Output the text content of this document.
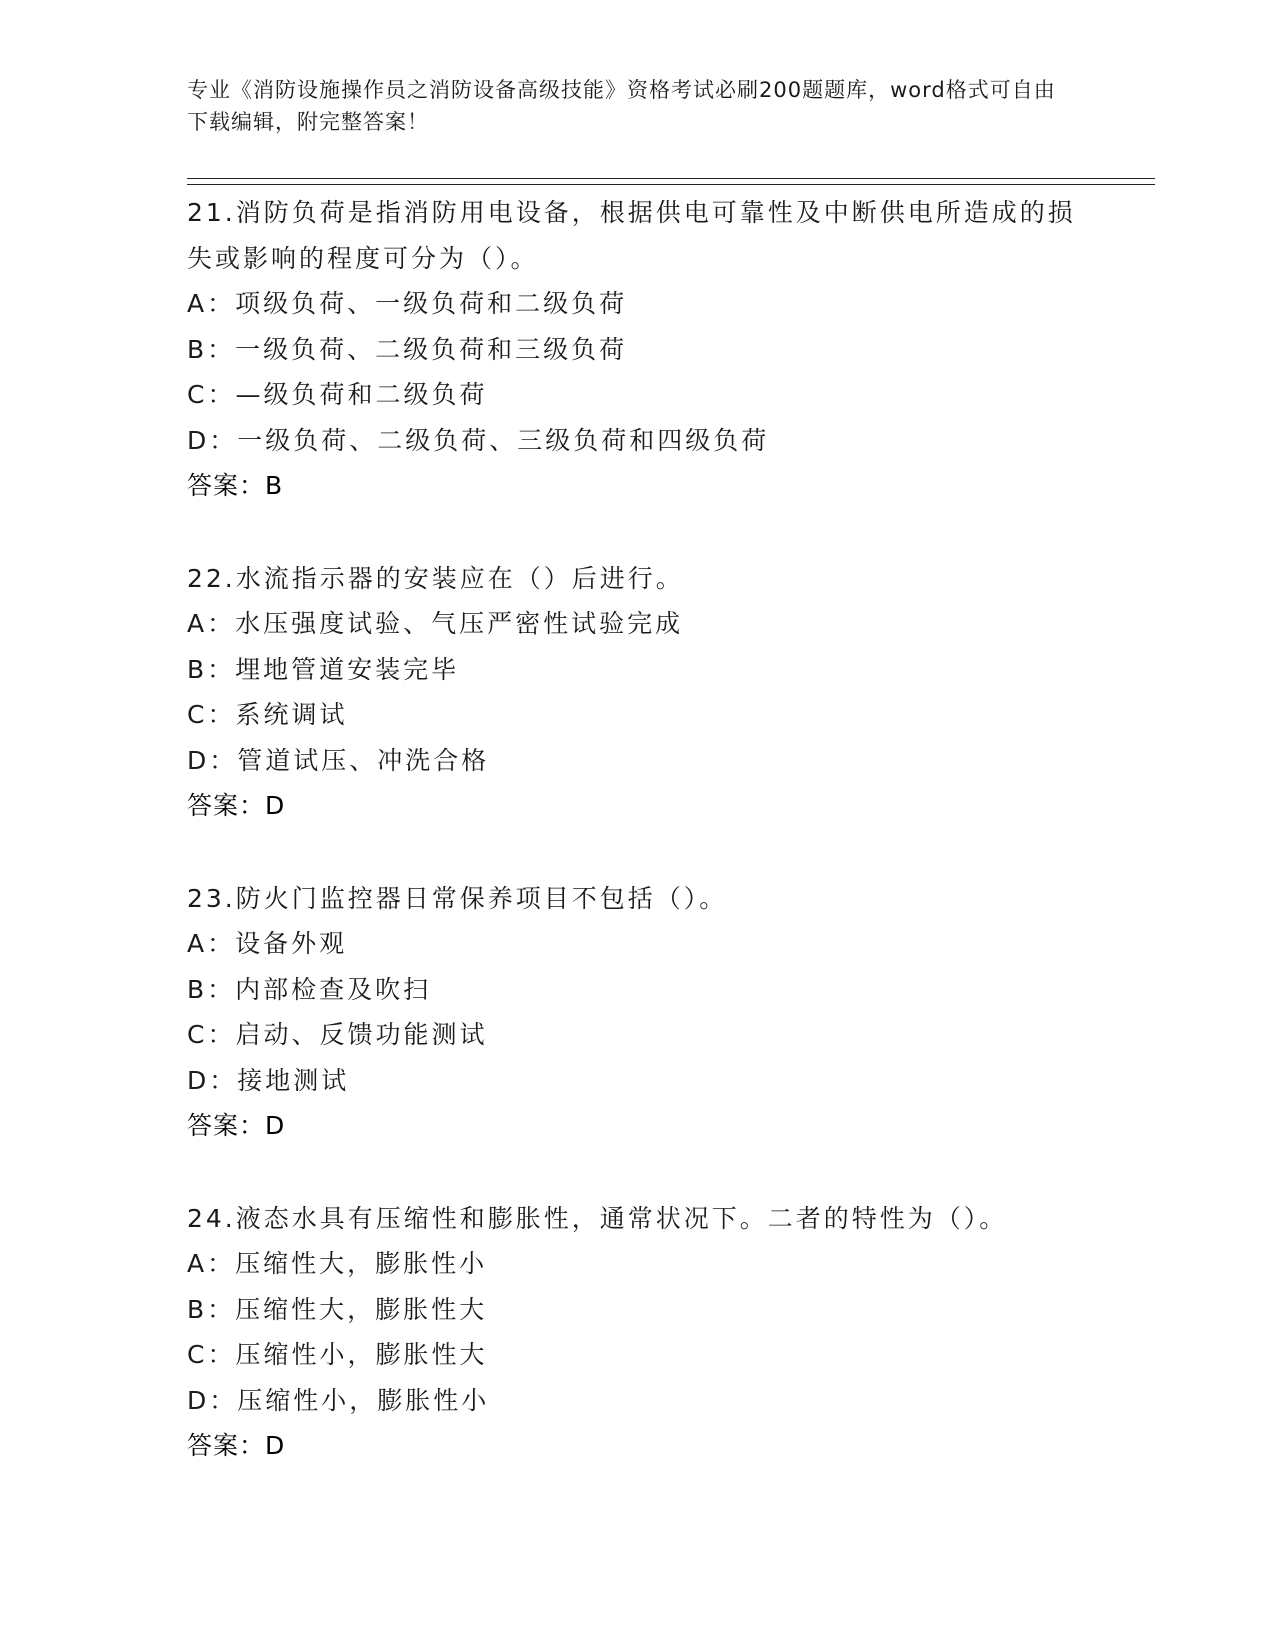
专业《消防设施操作员之消防设备高级技能》资格考试必刷200题题库，word格式可自由下载编辑，附完整答案！
21.消防负荷是指消防用电设备，根据供电可靠性及中断供电所造成的损失或影响的程度可分为（）。
A：项级负荷、一级负荷和二级负荷
B：一级负荷、二级负荷和三级负荷
C：—级负荷和二级负荷
D：一级负荷、二级负荷、三级负荷和四级负荷
答案：B
22.水流指示器的安装应在（）后进行。
A：水压强度试验、气压严密性试验完成
B：埋地管道安装完毕
C：系统调试
D：管道试压、冲洗合格
答案：D
23.防火门监控器日常保养项目不包括（）。
A：设备外观
B：内部检查及吹扫
C：启动、反馈功能测试
D：接地测试
答案：D
24.液态水具有压缩性和膨胀性，通常状况下。二者的特性为（）。
A：压缩性大，膨胀性小
B：压缩性大，膨胀性大
C：压缩性小，膨胀性大
D：压缩性小，膨胀性小
答案：D
